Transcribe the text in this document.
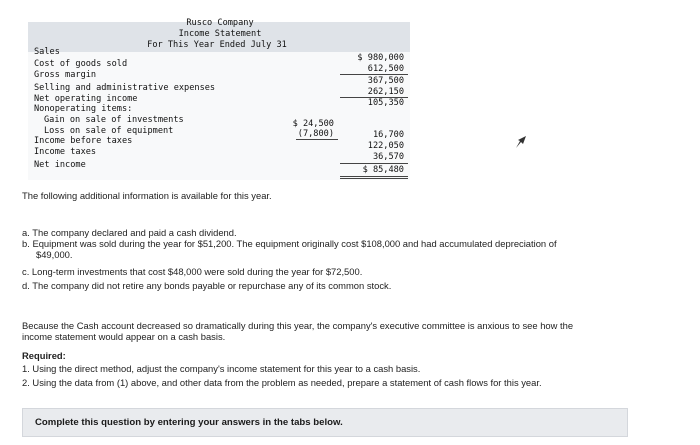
Rusco Company
Income Statement
For This Year Ended July 31
Sales
Cost of goods sold
Gross margin
Selling and administrative expenses
Net operating income
Nonoperating items:
Gain on sale of investments
Loss on sale of equipment
Income before taxes
Income taxes
Net income
$ 24,500
(7,800)
$ 980,000
612,500
367,500
262,150
105,350
16,700
122,050
36,570
$ 85,480
The following additional information is available for this year.
a. The company declared and paid a cash dividend.
b. Equipment was sold during the year for $51,200. The equipment originally cost $108,000 and had accumulated depreciation of
$49,000.
c. Long-term investments that cost $48,000 were sold during the year for $72,500.
d. The company did not retire any bonds payable or repurchase any of its common stock.
Because the Cash account decreased so dramatically during this year, the company's executive committee is anxious to see how the
income statement would appear on a cash basis.
Required:
1. Using the direct method, adjust the company's income statement for this year to a cash basis.
2. Using the data from (1) above, and other data from the problem as needed, prepare a statement of cash flows for this year.
Complete this question by entering your answers in the tabs below.
